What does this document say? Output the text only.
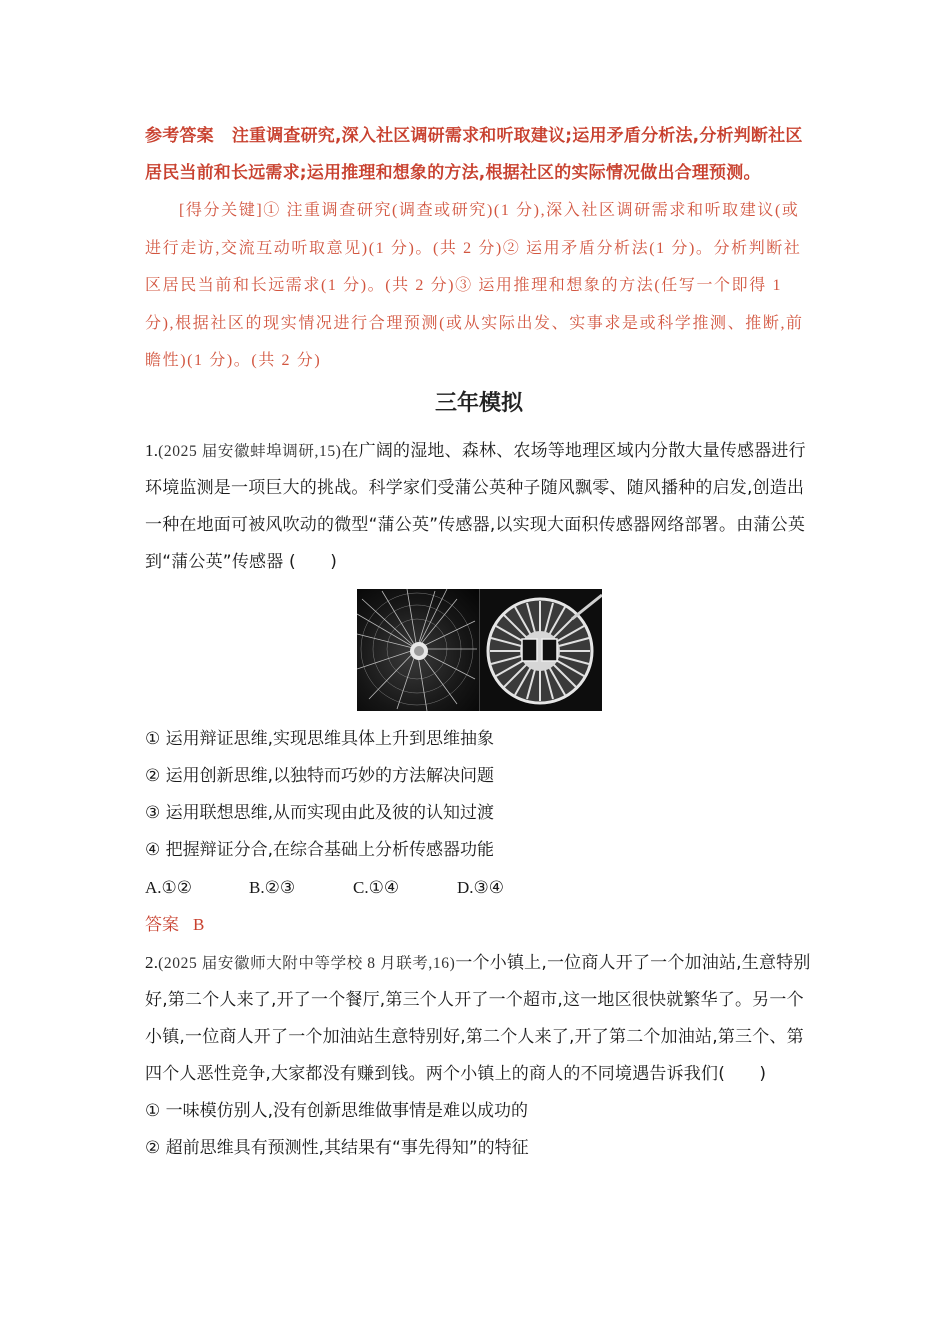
参考答案 注重调查研究,深入社区调研需求和听取建议;运用矛盾分析法,分析判断社区居民当前和长远需求;运用推理和想象的方法,根据社区的实际情况做出合理预测。

[得分关键]① 注重调查研究(调查或研究)(1 分),深入社区调研需求和听取建议(或进行走访,交流互动听取意见)(1 分)。(共 2 分)② 运用矛盾分析法(1 分)。分析判断社区居民当前和长远需求(1 分)。(共 2 分)③ 运用推理和想象的方法(任写一个即得 1 分),根据社区的现实情况进行合理预测(或从实际出发、实事求是或科学推测、推断,前瞻性)(1 分)。(共 2 分)

三年模拟

1.(2025 届安徽蚌埠调研,15)在广阔的湿地、森林、农场等地理区域内分散大量传感器进行环境监测是一项巨大的挑战。科学家们受蒲公英种子随风飘零、随风播种的启发,创造出一种在地面可被风吹动的微型“蒲公英”传感器,以实现大面积传感器网络部署。由蒲公英到“蒲公英”传感器 (　　)

① 运用辩证思维,实现思维具体上升到思维抽象

② 运用创新思维,以独特而巧妙的方法解决问题

③ 运用联想思维,从而实现由此及彼的认知过渡

④ 把握辩证分合,在综合基础上分析传感器功能

A.①②	B.②③	C.①④	D.③④

答案 B

2.(2025 届安徽师大附中等学校 8 月联考,16)一个小镇上,一位商人开了一个加油站,生意特别好,第二个人来了,开了一个餐厅,第三个人开了一个超市,这一地区很快就繁华了。另一个小镇,一位商人开了一个加油站生意特别好,第二个人来了,开了第二个加油站,第三个、第四个人恶性竞争,大家都没有赚到钱。两个小镇上的商人的不同境遇告诉我们(　　)

① 一味模仿别人,没有创新思维做事情是难以成功的

② 超前思维具有预测性,其结果有“事先得知”的特征
